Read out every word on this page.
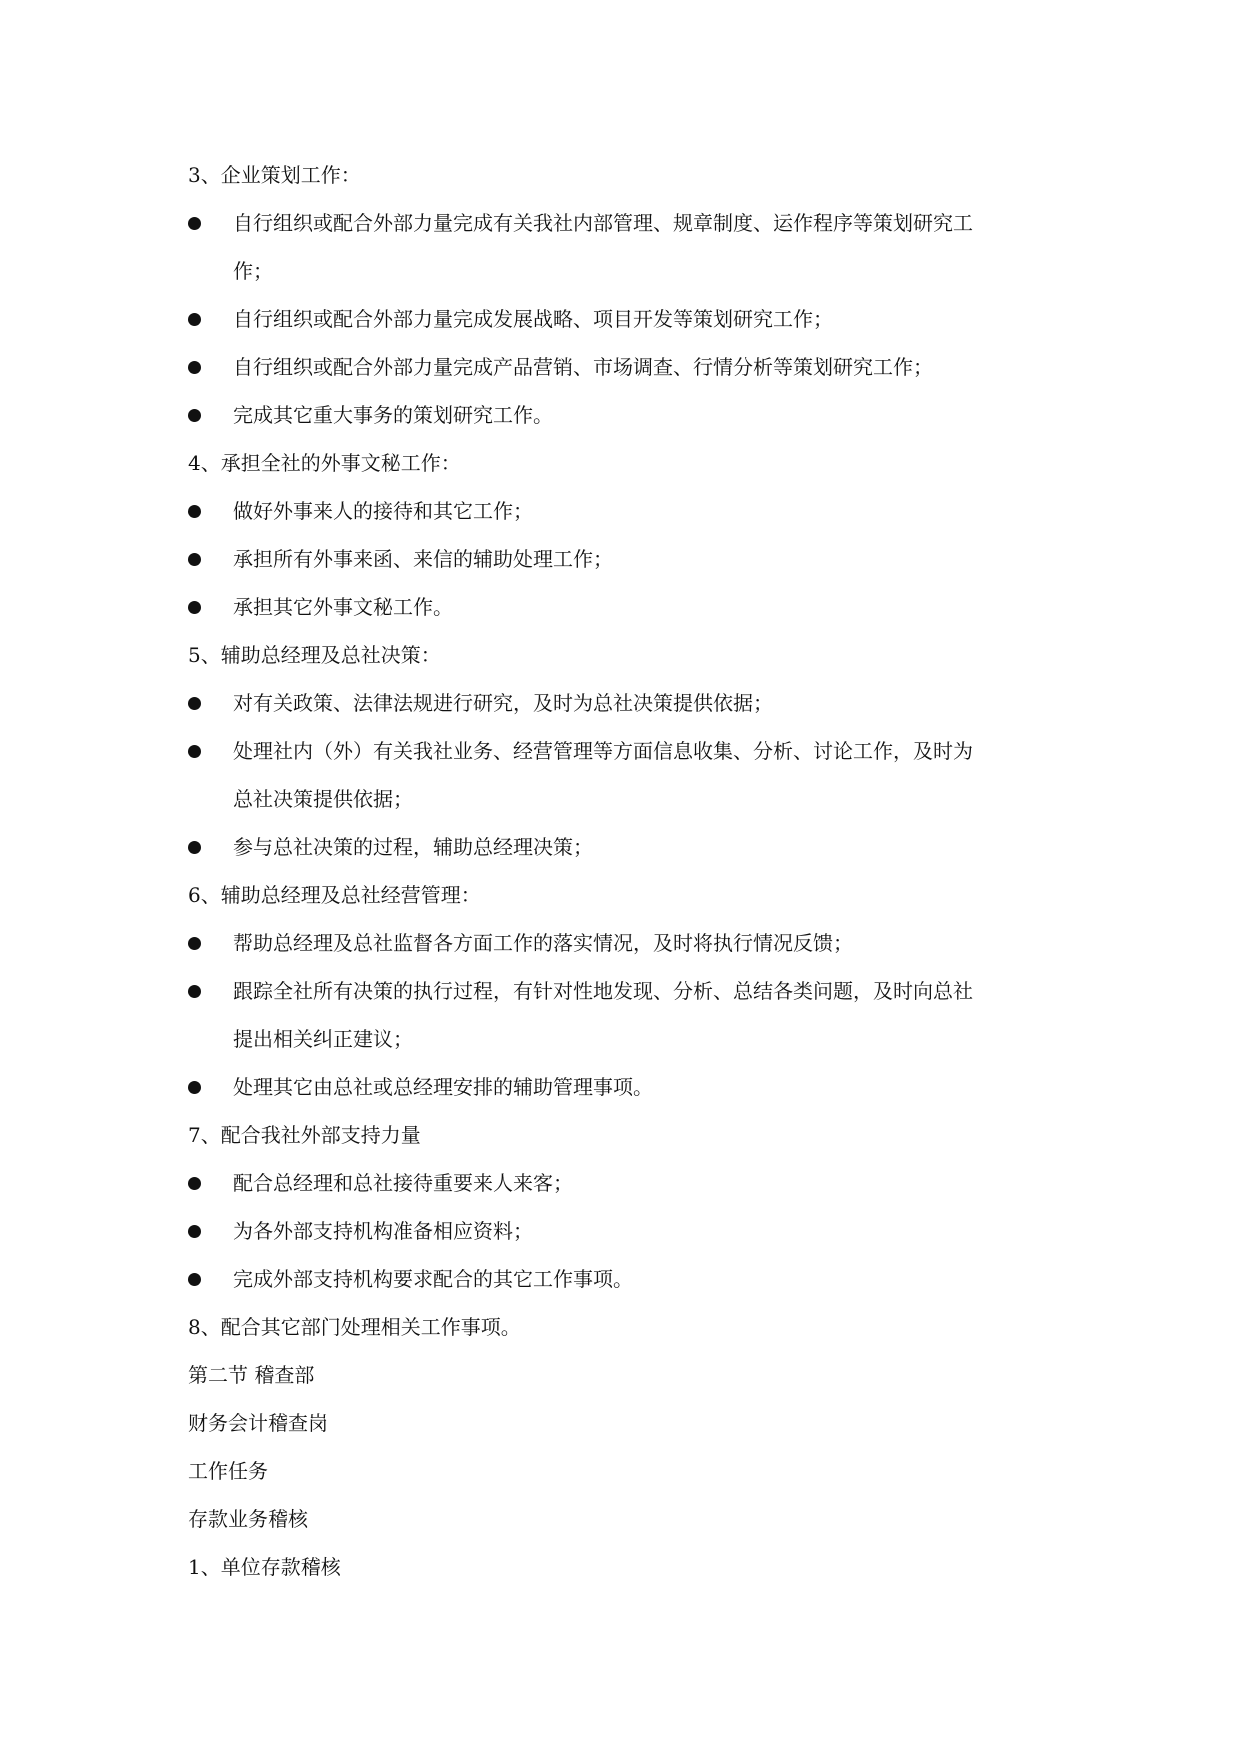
3、企业策划工作：
自行组织或配合外部力量完成有关我社内部管理、规章制度、运作程序等策划研究工
作；
自行组织或配合外部力量完成发展战略、项目开发等策划研究工作；
自行组织或配合外部力量完成产品营销、市场调查、行情分析等策划研究工作；
完成其它重大事务的策划研究工作。
4、承担全社的外事文秘工作：
做好外事来人的接待和其它工作；
承担所有外事来函、来信的辅助处理工作；
承担其它外事文秘工作。
5、辅助总经理及总社决策：
对有关政策、法律法规进行研究，及时为总社决策提供依据；
处理社内（外）有关我社业务、经营管理等方面信息收集、分析、讨论工作，及时为
总社决策提供依据；
参与总社决策的过程，辅助总经理决策；
6、辅助总经理及总社经营管理：
帮助总经理及总社监督各方面工作的落实情况，及时将执行情况反馈；
跟踪全社所有决策的执行过程，有针对性地发现、分析、总结各类问题，及时向总社
提出相关纠正建议；
处理其它由总社或总经理安排的辅助管理事项。
7、配合我社外部支持力量
配合总经理和总社接待重要来人来客；
为各外部支持机构准备相应资料；
完成外部支持机构要求配合的其它工作事项。
8、配合其它部门处理相关工作事项。
第二节 稽查部
财务会计稽查岗
工作任务
存款业务稽核
1、单位存款稽核
